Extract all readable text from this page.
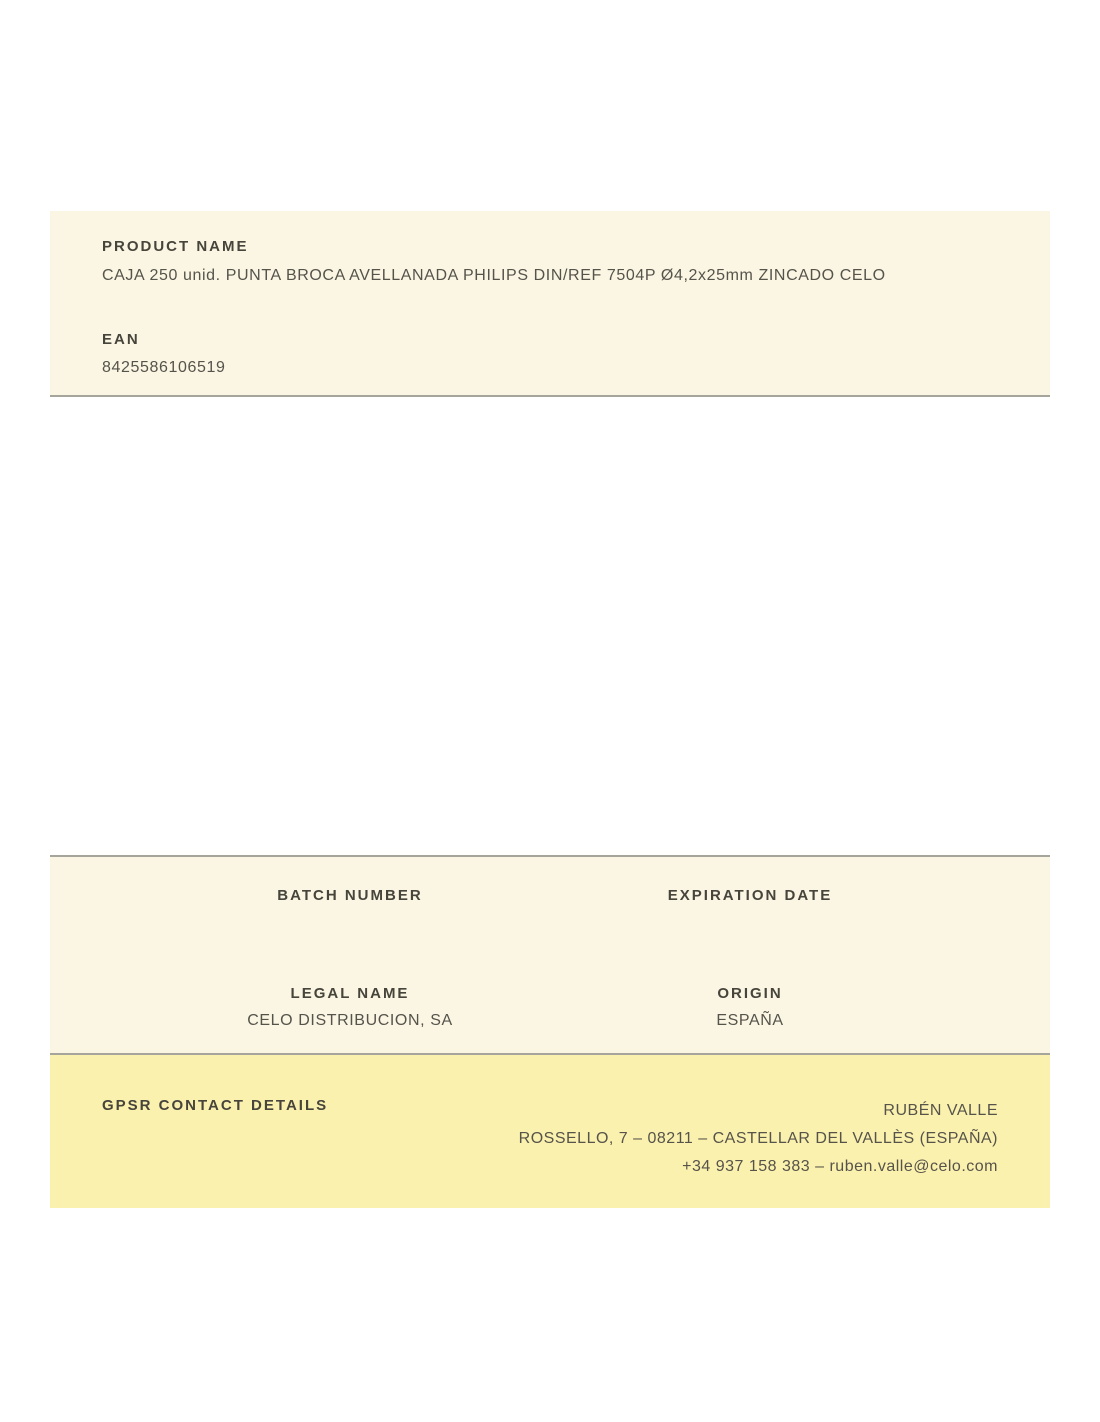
PRODUCT NAME
CAJA 250 unid. PUNTA BROCA AVELLANADA PHILIPS DIN/REF 7504P Ø4,2x25mm ZINCADO CELO
EAN
8425586106519
BATCH NUMBER	EXPIRATION DATE
LEGAL NAME
CELO DISTRIBUCION, SA
ORIGIN
ESPAÑA
GPSR CONTACT DETAILS	RUBÉN VALLE
ROSSELLO, 7 – 08211 – CASTELLAR DEL VALLÈS (ESPAÑA)
+34 937 158 383 – ruben.valle@celo.com
